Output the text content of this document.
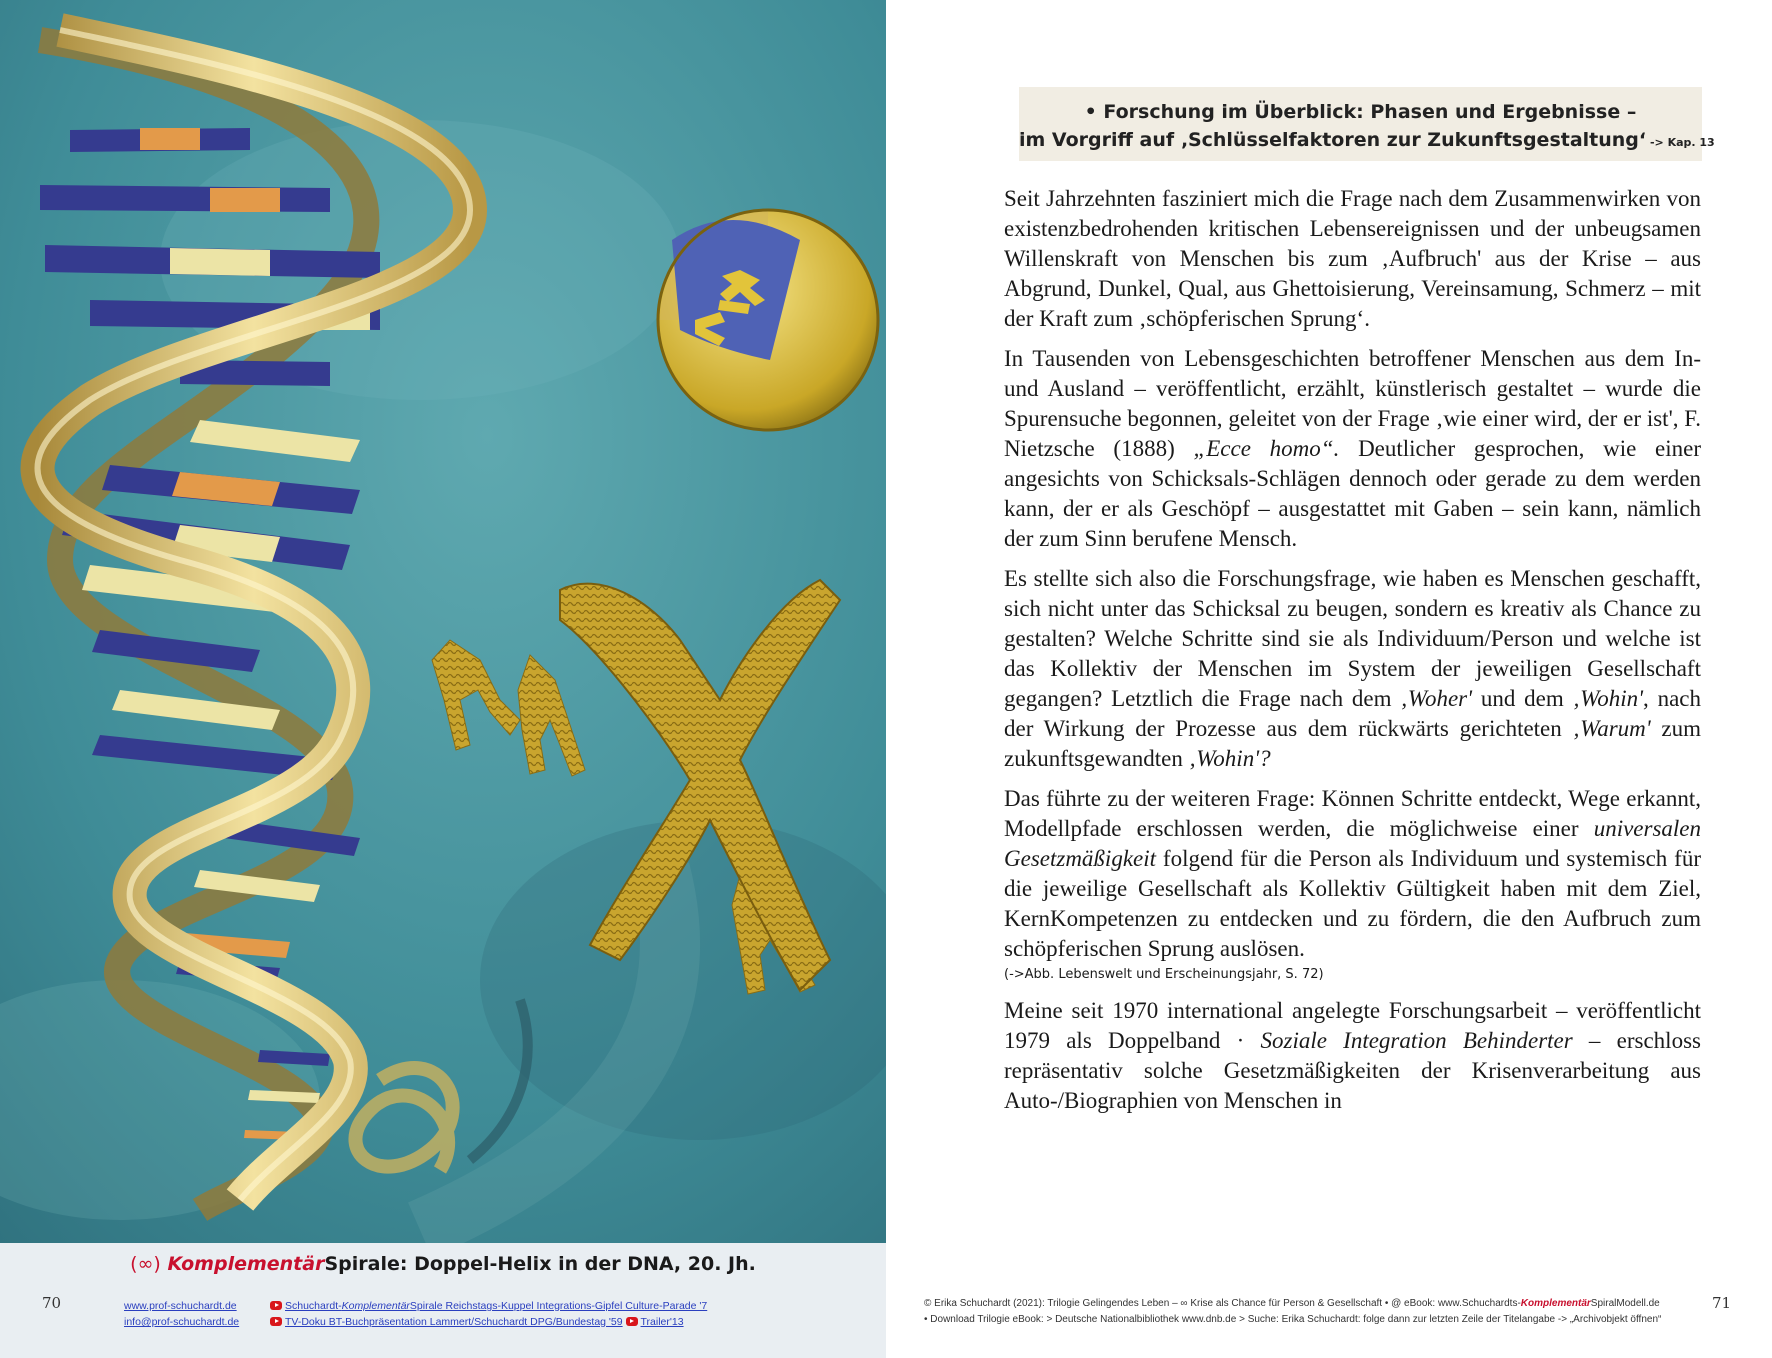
(∞) KomplementärSpirale: Doppel-Helix in der DNA, 20. Jh.
70	www.prof-schuchardt.de
info@prof-schuchardt.de
Schuchardt-KomplementärSpirale Reichstags-Kuppel Integrations-Gipfel Culture-Parade '7
TV-Doku BT-Buchpräsentation Lammert/Schuchardt DPG/Bundestag '59 Trailer'13
• Forschung im Überblick: Phasen und Ergebnisse –
im Vorgriff auf ‚Schlüsselfaktoren zur Zukunftsgestaltung‘ -> Kap. 13

Seit Jahrzehnten fasziniert mich die Frage nach dem Zusammenwirken von existenzbedrohenden kritischen Lebensereignissen und der unbeugsamen Willenskraft von Menschen bis zum ‚Aufbruch' aus der Krise – aus Abgrund, Dunkel, Qual, aus Ghettoisierung, Vereinsamung, Schmerz – mit der Kraft zum ‚schöpferischen Sprung‘.

In Tausenden von Lebensgeschichten betroffener Menschen aus dem In- und Ausland – veröffentlicht, erzählt, künstlerisch gestaltet – wurde die Spurensuche begonnen, geleitet von der Frage ‚wie einer wird, der er ist', F. Nietzsche (1888) „Ecce homo“. Deutlicher gesprochen, wie einer angesichts von Schicksals-Schlägen dennoch oder gerade zu dem werden kann, der er als Geschöpf – ausgestattet mit Gaben – sein kann, nämlich der zum Sinn berufene Mensch.

Es stellte sich also die Forschungsfrage, wie haben es Menschen geschafft, sich nicht unter das Schicksal zu beugen, sondern es kreativ als Chance zu gestalten? Welche Schritte sind sie als Individuum/Person und welche ist das Kollektiv der Menschen im System der jeweiligen Gesellschaft gegangen? Letztlich die Frage nach dem ‚Woher' und dem ‚Wohin', nach der Wirkung der Prozesse aus dem rückwärts gerichteten ‚Warum' zum zukunftsgewandten ‚Wohin'?

Das führte zu der weiteren Frage: Können Schritte entdeckt, Wege erkannt, Modellpfade erschlossen werden, die möglichweise einer universalen Gesetzmäßigkeit folgend für die Person als Individuum und systemisch für die jeweilige Gesellschaft als Kollektiv Gültigkeit haben mit dem Ziel, KernKompetenzen zu entdecken und zu fördern, die den Aufbruch zum schöpferischen Sprung auslösen.
(->Abb. Lebenswelt und Erscheinungsjahr, S. 72)

Meine seit 1970 international angelegte Forschungsarbeit – veröffentlicht 1979 als Doppelband · Soziale Integration Behinderter – erschloss repräsentativ solche Gesetzmäßigkeiten der Krisenverarbeitung aus Auto-/Biographien von Menschen in

© Erika Schuchardt (2021): Trilogie Gelingendes Leben – ∞ Krise als Chance für Person & Gesellschaft • @ eBook: www.Schuchardts-KomplementärSpiralModell.de
• Download Trilogie eBook: > Deutsche Nationalbibliothek www.dnb.de > Suche: Erika Schuchardt: folge dann zur letzten Zeile der Titelangabe -> „Archivobjekt öffnen“
71
